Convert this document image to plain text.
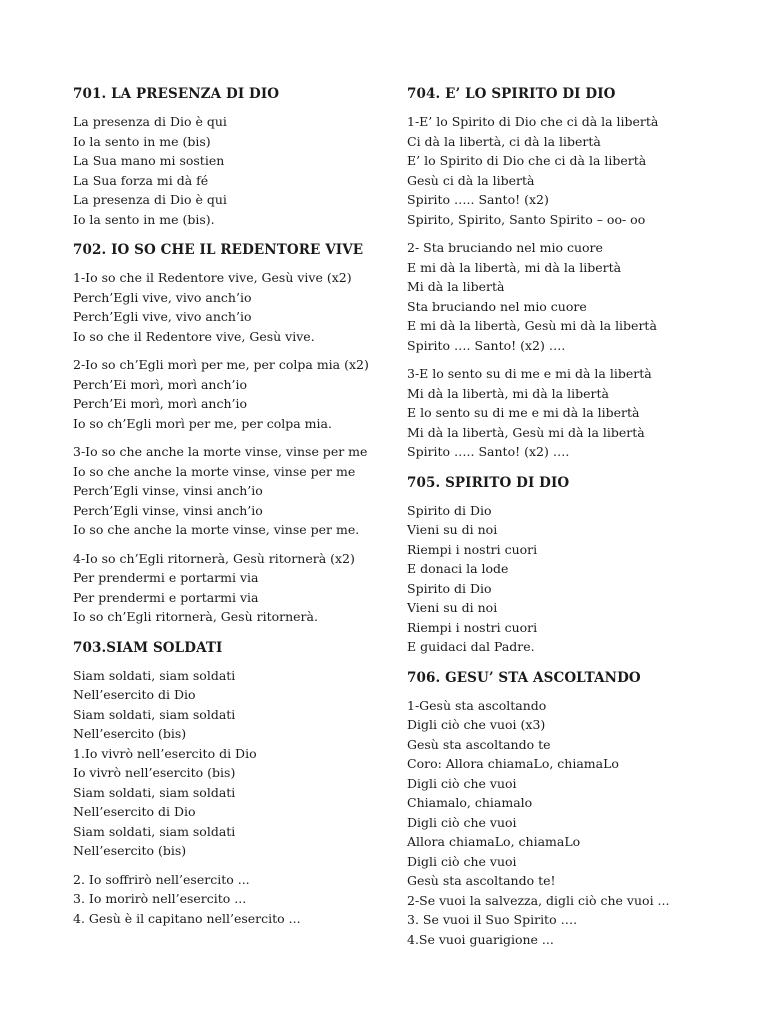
701. LA PRESENZA DI DIO
La presenza di Dio è qui
Io la sento in me (bis)
La Sua mano mi sostien
La Sua forza mi dà fé
La presenza di Dio è qui
Io la sento in me (bis).
702. IO SO CHE IL REDENTORE VIVE
1-Io so che il Redentore vive, Gesù vive (x2)
Perch’Egli vive, vivo anch’io
Perch’Egli vive, vivo anch’io
Io so che il Redentore vive, Gesù vive.
2-Io so ch’Egli morì per me, per colpa mia (x2)
Perch’Ei morì, morì anch’io
Perch’Ei morì, morì anch’io
Io so ch’Egli morì per me, per colpa mia.
3-Io so che anche la morte vinse, vinse per me
Io so che anche la morte vinse, vinse per me
Perch’Egli vinse, vinsi anch’io
Perch’Egli vinse, vinsi anch’io
Io so che anche la morte vinse, vinse per me.
4-Io so ch’Egli ritornerà, Gesù ritornerà (x2)
Per prendermi e portarmi via
Per prendermi e portarmi via
Io so ch’Egli ritornerà, Gesù ritornerà.
703.SIAM SOLDATI
Siam soldati, siam soldati
Nell’esercito di Dio
Siam soldati, siam soldati
Nell’esercito (bis)
1.Io vivrò nell’esercito di Dio
Io vivrò nell’esercito (bis)
Siam soldati, siam soldati
Nell’esercito di Dio
Siam soldati, siam soldati
Nell’esercito (bis)
2. Io soffrirò nell’esercito ...
3. Io morirò nell’esercito ...
4. Gesù è il capitano nell’esercito ...
704. E’ LO SPIRITO DI DIO
1-E’ lo Spirito di Dio che ci dà la libertà
Ci dà la libertà, ci dà la libertà
E’ lo Spirito di Dio che ci dà la libertà
Gesù ci dà la libertà
Spirito ….. Santo! (x2)
Spirito, Spirito, Santo Spirito – oo- oo
2- Sta bruciando nel mio cuore
E mi dà la libertà, mi dà la libertà
Mi dà la libertà
Sta bruciando nel mio cuore
E mi dà la libertà, Gesù mi dà la libertà
Spirito …. Santo! (x2) ….
3-E lo sento su di me e mi dà la libertà
Mi dà la libertà, mi dà la libertà
E lo sento su di me e mi dà la libertà
Mi dà la libertà, Gesù mi dà la libertà
Spirito ….. Santo! (x2) ….
705. SPIRITO DI DIO
Spirito di Dio
Vieni su di noi
Riempi i nostri cuori
E donaci la lode
Spirito di Dio
Vieni su di noi
Riempi i nostri cuori
E guidaci dal Padre.
706. GESU’ STA ASCOLTANDO
1-Gesù sta ascoltando
Digli ciò che vuoi (x3)
Gesù sta ascoltando te
Coro: Allora chiamaLo, chiamaLo
Digli ciò che vuoi
Chiamalo, chiamalo
Digli ciò che vuoi
Allora chiamaLo, chiamaLo
Digli ciò che vuoi
Gesù sta ascoltando te!
2-Se vuoi la salvezza, digli ciò che vuoi ...
3. Se vuoi il Suo Spirito ….
4.Se vuoi guarigione ...
